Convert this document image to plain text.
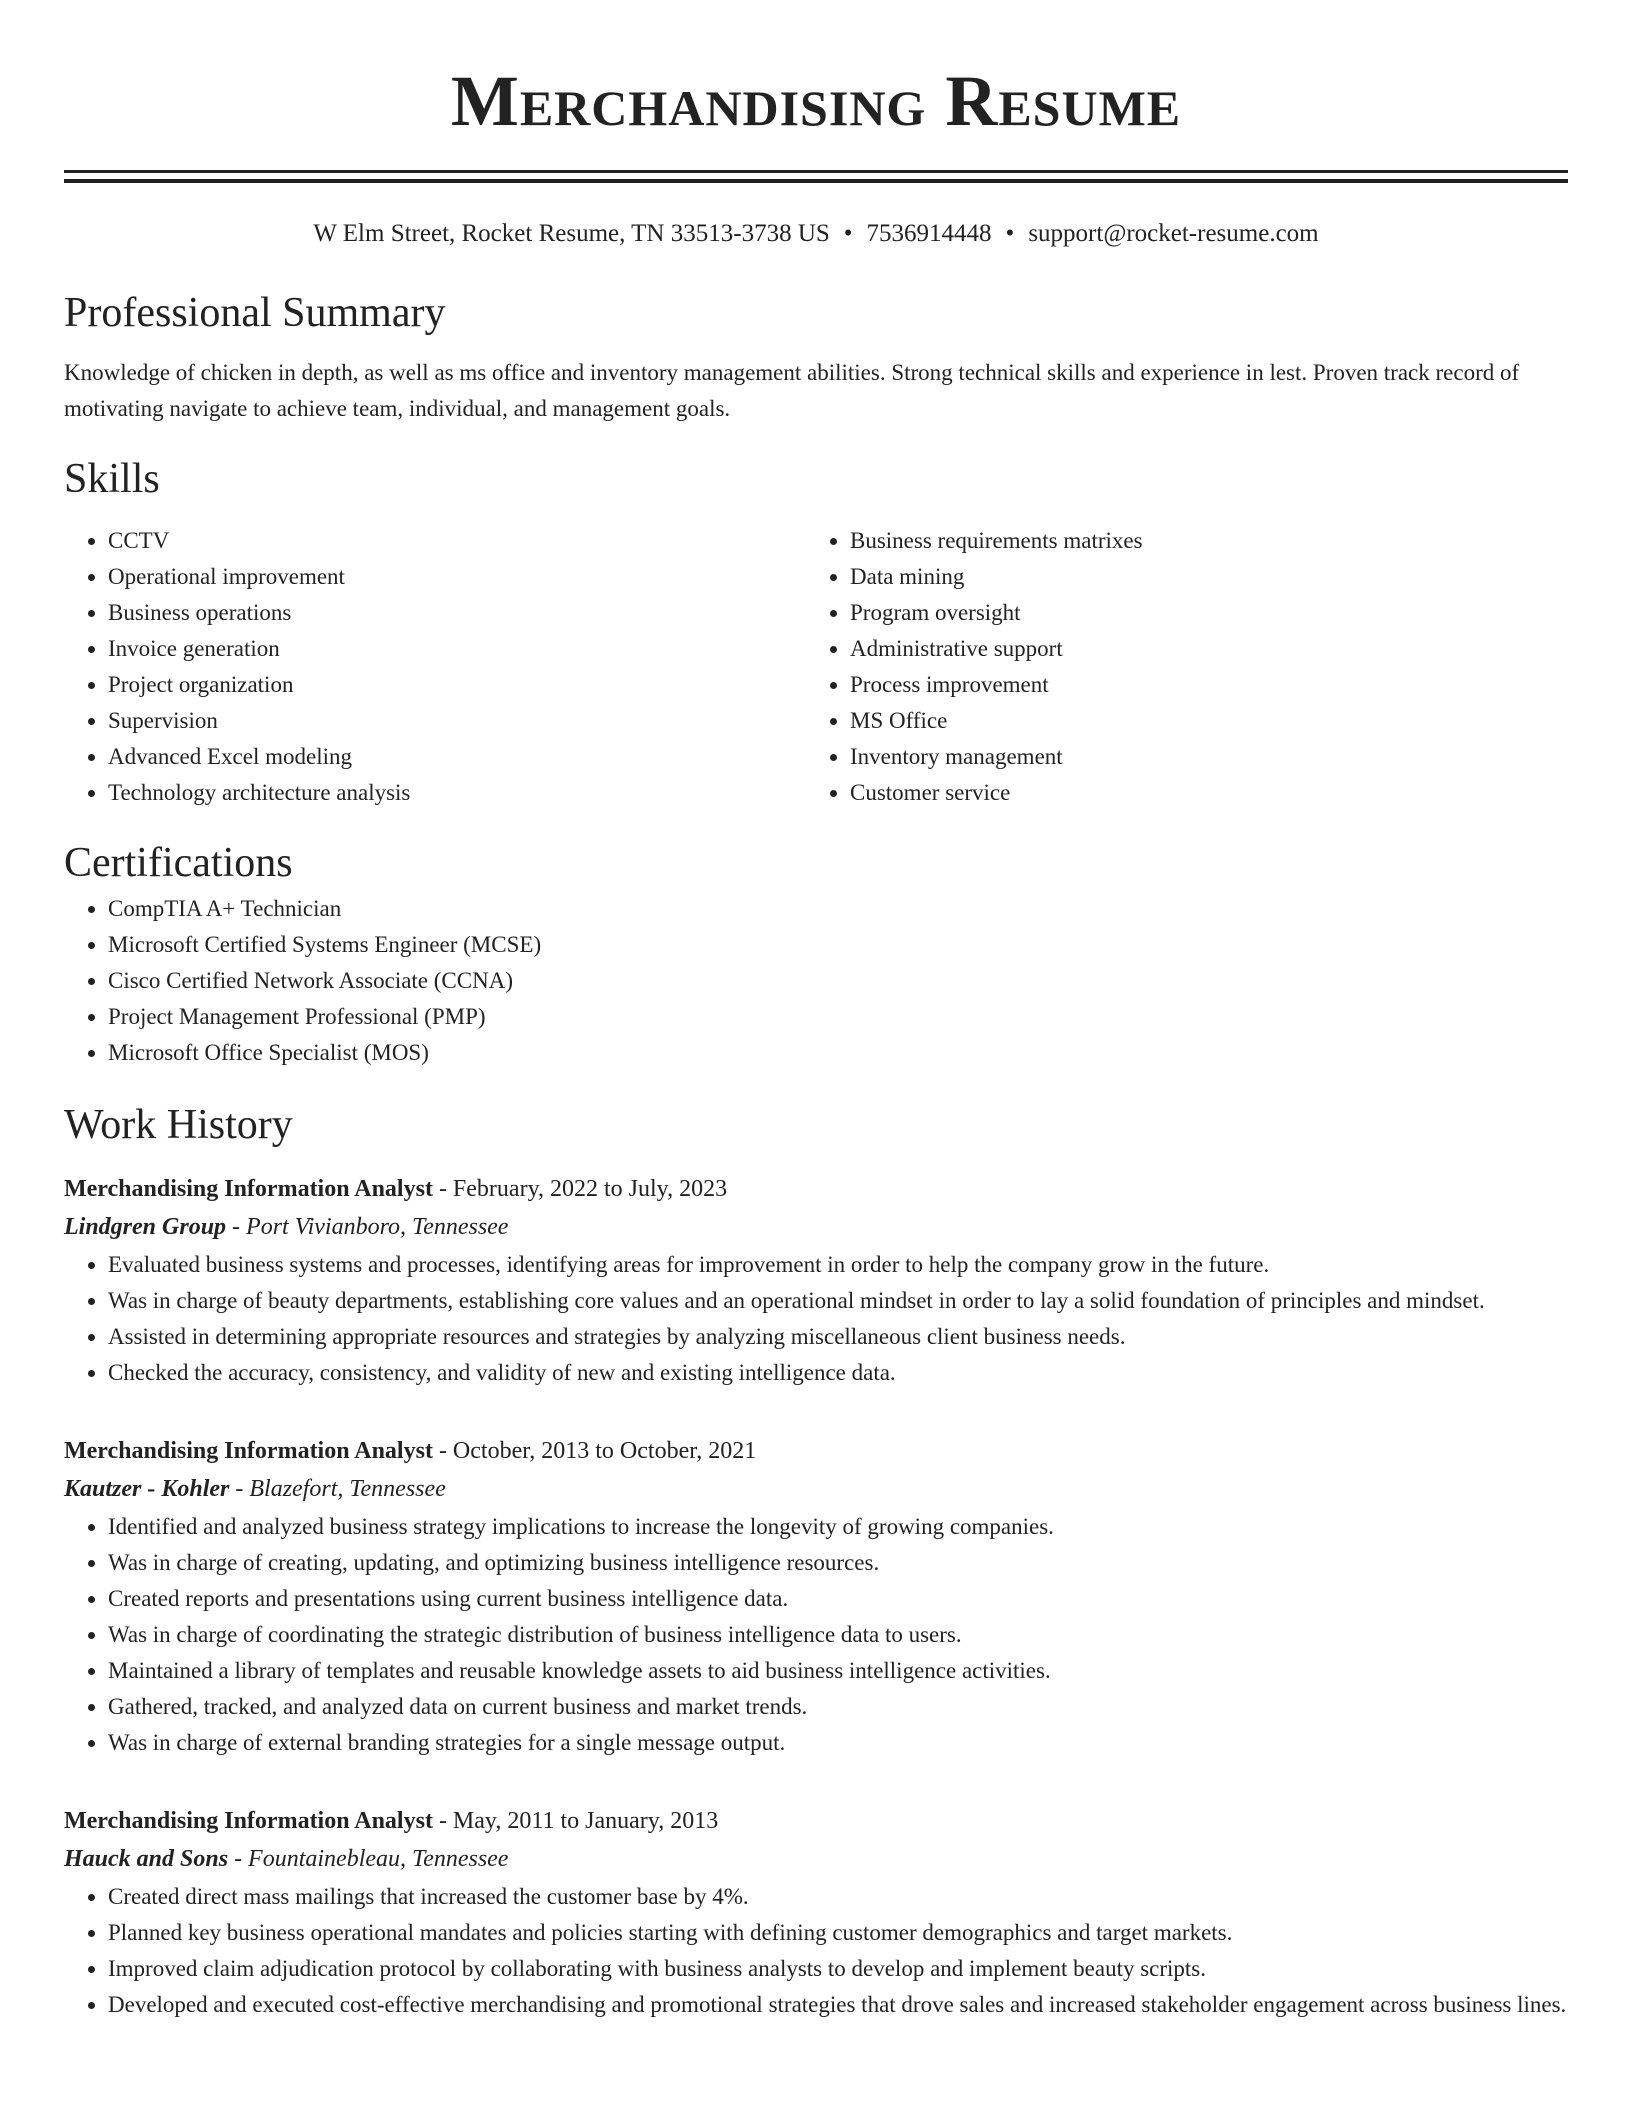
Merchandising Resume
W Elm Street, Rocket Resume, TN 33513-3738 US • 7536914448 • support@rocket-resume.com
Professional Summary
Knowledge of chicken in depth, as well as ms office and inventory management abilities. Strong technical skills and experience in lest. Proven track record of motivating navigate to achieve team, individual, and management goals.
Skills
• CCTV
• Operational improvement
• Business operations
• Invoice generation
• Project organization
• Supervision
• Advanced Excel modeling
• Technology architecture analysis
• Business requirements matrixes
• Data mining
• Program oversight
• Administrative support
• Process improvement
• MS Office
• Inventory management
• Customer service
Certifications
• CompTIA A+ Technician
• Microsoft Certified Systems Engineer (MCSE)
• Cisco Certified Network Associate (CCNA)
• Project Management Professional (PMP)
• Microsoft Office Specialist (MOS)
Work History
Merchandising Information Analyst - February, 2022 to July, 2023
Lindgren Group - Port Vivianboro, Tennessee
• Evaluated business systems and processes, identifying areas for improvement in order to help the company grow in the future.
• Was in charge of beauty departments, establishing core values and an operational mindset in order to lay a solid foundation of principles and mindset.
• Assisted in determining appropriate resources and strategies by analyzing miscellaneous client business needs.
• Checked the accuracy, consistency, and validity of new and existing intelligence data.
Merchandising Information Analyst - October, 2013 to October, 2021
Kautzer - Kohler - Blazefort, Tennessee
• Identified and analyzed business strategy implications to increase the longevity of growing companies.
• Was in charge of creating, updating, and optimizing business intelligence resources.
• Created reports and presentations using current business intelligence data.
• Was in charge of coordinating the strategic distribution of business intelligence data to users.
• Maintained a library of templates and reusable knowledge assets to aid business intelligence activities.
• Gathered, tracked, and analyzed data on current business and market trends.
• Was in charge of external branding strategies for a single message output.
Merchandising Information Analyst - May, 2011 to January, 2013
Hauck and Sons - Fountainebleau, Tennessee
• Created direct mass mailings that increased the customer base by 4%.
• Planned key business operational mandates and policies starting with defining customer demographics and target markets.
• Improved claim adjudication protocol by collaborating with business analysts to develop and implement beauty scripts.
• Developed and executed cost-effective merchandising and promotional strategies that drove sales and increased stakeholder engagement across business lines.
